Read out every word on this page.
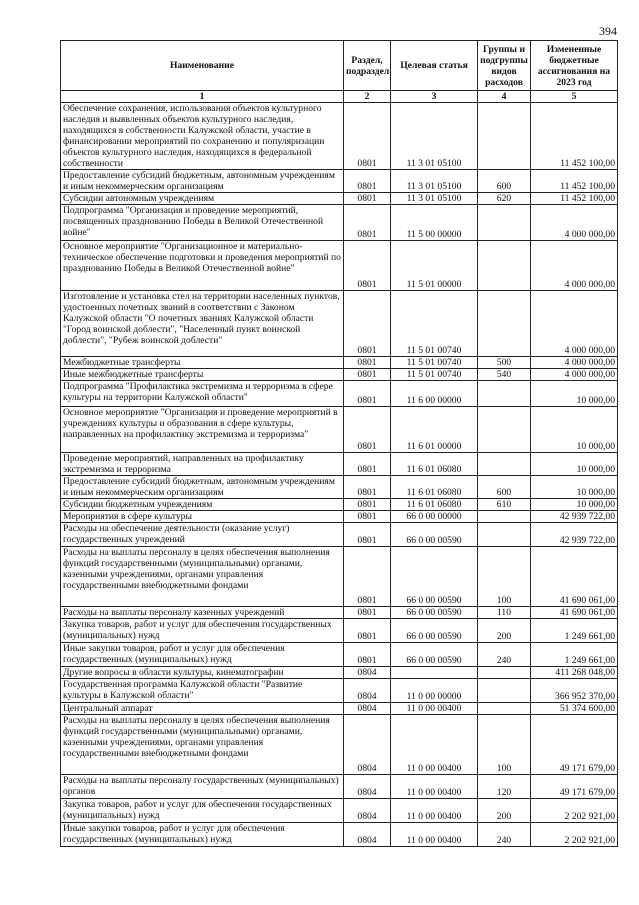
394
Наименование	Раздел, подраздел	Целевая статья	Группы и подгруппы видов расходов	Измененные бюджетные ассигнования на 2023 год
1	2	3	4	5
Обеспечение сохранения, использования объектов культурного наследия и выявленных объектов культурного наследия, находящихся в собственности Калужской области, участие в финансировании мероприятий по сохранению и популяризации объектов культурного наследия, находящихся в федеральной собственности	0801	11 3 01 05100		11 452 100,00
Предоставление субсидий бюджетным, автономным учреждениям и иным некоммерческим организациям	0801	11 3 01 05100	600	11 452 100,00
Субсидии автономным учреждениям	0801	11 3 01 05100	620	11 452 100,00
Подпрограмма "Организация и проведение мероприятий, посвященных празднованию Победы в Великой Отечественной войне"	0801	11 5 00 00000		4 000 000,00
Основное мероприятие "Организационное и материально-техническое обеспечение подготовки и проведения мероприятий по празднованию Победы в Великой Отечественной войне"	0801	11 5 01 00000		4 000 000,00
Изготовление и установка стел на территории населенных пунктов, удостоенных почетных званий в соответствии с Законом Калужской области "О почетных званиях Калужской области "Город воинской доблести", "Населенный пункт воинской доблести", "Рубеж воинской доблести"	0801	11 5 01 00740		4 000 000,00
Межбюджетные трансферты	0801	11 5 01 00740	500	4 000 000,00
Иные межбюджетные трансферты	0801	11 5 01 00740	540	4 000 000,00
Подпрограмма "Профилактика экстремизма и терроризма в сфере культуры на территории Калужской области"	0801	11 6 00 00000		10 000,00
Основное мероприятие "Организация и проведение мероприятий в учреждениях культуры и образования в сфере культуры, направленных на профилактику экстремизма и терроризма"	0801	11 6 01 00000		10 000,00
Проведение мероприятий, направленных на профилактику экстремизма и терроризма	0801	11 6 01 06080		10 000,00
Предоставление субсидий бюджетным, автономным учреждениям и иным некоммерческим организациям	0801	11 6 01 06080	600	10 000,00
Субсидии бюджетным учреждениям	0801	11 6 01 06080	610	10 000,00
Мероприятия в сфере культуры	0801	66 0 00 00000		42 939 722,00
Расходы на обеспечение деятельности (оказание услуг) государственных учреждений	0801	66 0 00 00590		42 939 722,00
Расходы на выплаты персоналу в целях обеспечения выполнения функций государственными (муниципальными) органами, казенными учреждениями, органами управления государственными внебюджетными фондами	0801	66 0 00 00590	100	41 690 061,00
Расходы на выплаты персоналу казенных учреждений	0801	66 0 00 00590	110	41 690 061,00
Закупка товаров, работ и услуг для обеспечения государственных (муниципальных) нужд	0801	66 0 00 00590	200	1 249 661,00
Иные закупки товаров, работ и услуг для обеспечения государственных (муниципальных) нужд	0801	66 0 00 00590	240	1 249 661,00
Другие вопросы в области культуры, кинематографии	0804			411 268 048,00
Государственная программа Калужской области "Развитие культуры в Калужской области"	0804	11 0 00 00000		366 952 370,00
Центральный аппарат	0804	11 0 00 00400		51 374 600,00
Расходы на выплаты персоналу в целях обеспечения выполнения функций государственными (муниципальными) органами, казенными учреждениями, органами управления государственными внебюджетными фондами	0804	11 0 00 00400	100	49 171 679,00
Расходы на выплаты персоналу государственных (муниципальных) органов	0804	11 0 00 00400	120	49 171 679,00
Закупка товаров, работ и услуг для обеспечения государственных (муниципальных) нужд	0804	11 0 00 00400	200	2 202 921,00
Иные закупки товаров, работ и услуг для обеспечения государственных (муниципальных) нужд	0804	11 0 00 00400	240	2 202 921,00
